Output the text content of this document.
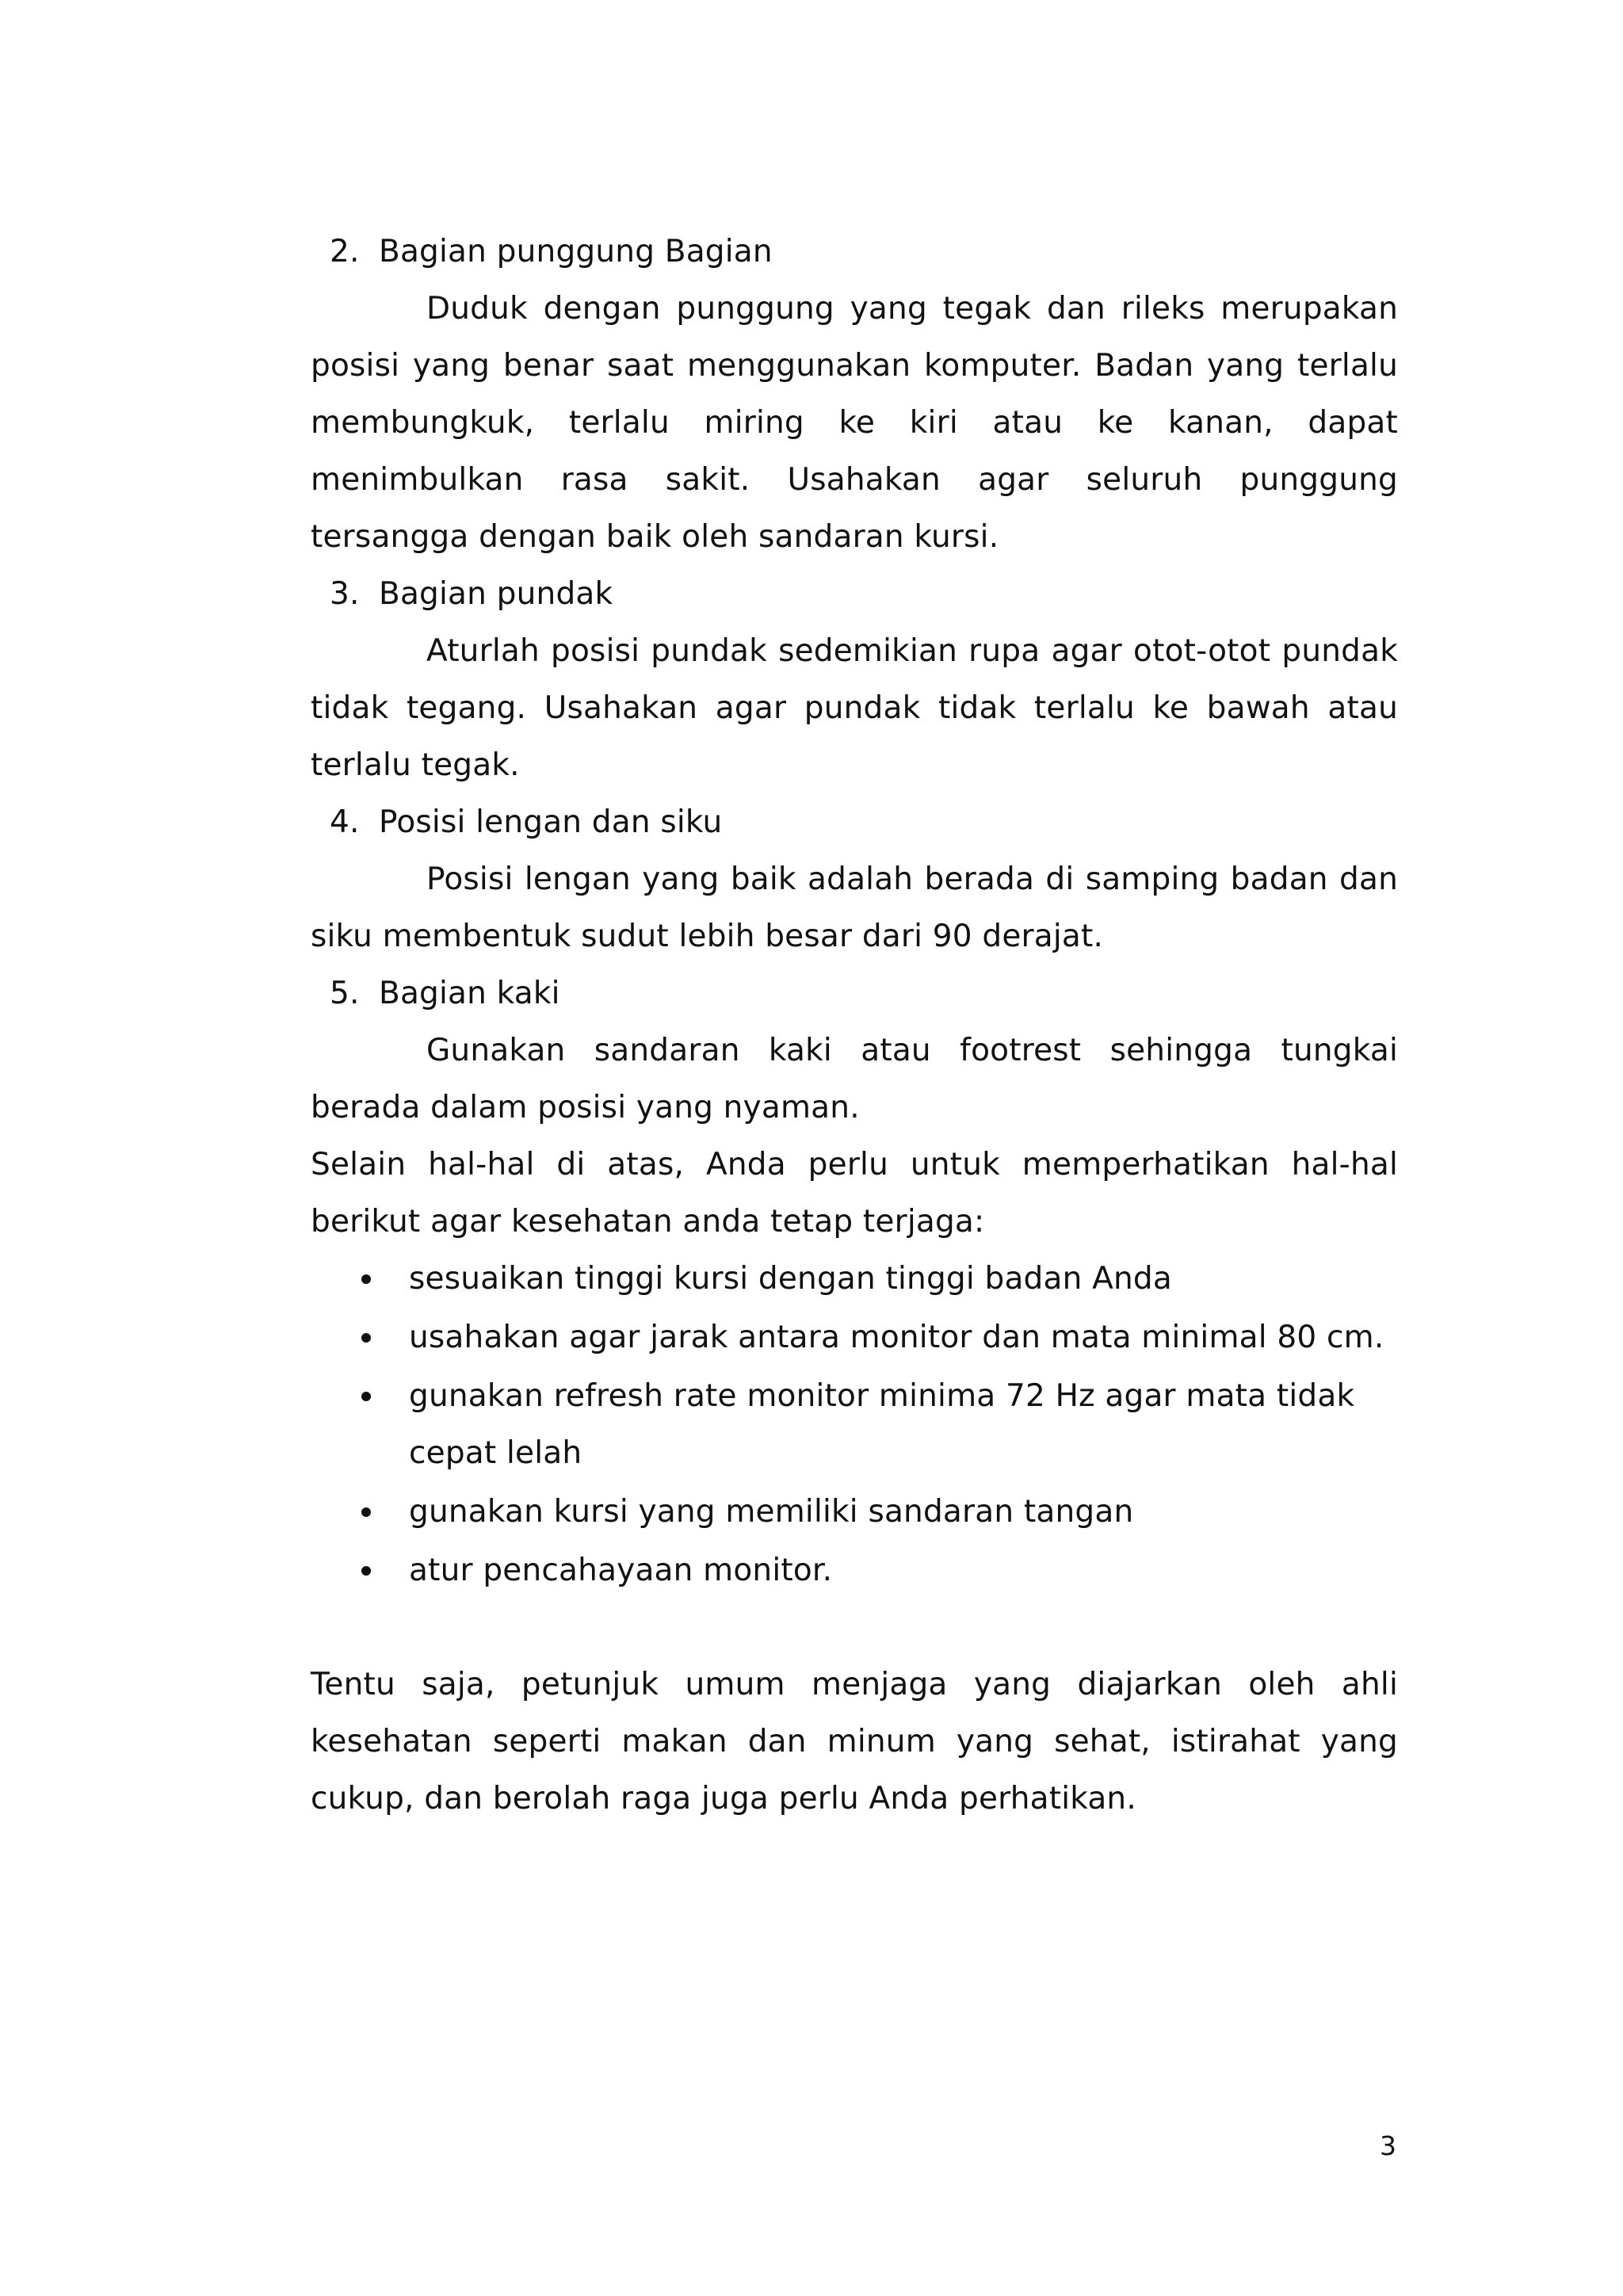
2. Bagian punggung Bagian

Duduk dengan punggung yang tegak dan rileks merupakan posisi yang benar saat menggunakan komputer. Badan yang terlalu membungkuk, terlalu miring ke kiri atau ke kanan, dapat menimbulkan rasa sakit. Usahakan agar seluruh punggung tersangga dengan baik oleh sandaran kursi.

3. Bagian pundak

Aturlah posisi pundak sedemikian rupa agar otot-otot pundak tidak tegang. Usahakan agar pundak tidak terlalu ke bawah atau terlalu tegak.

4. Posisi lengan dan siku

Posisi lengan yang baik adalah berada di samping badan dan siku membentuk sudut lebih besar dari 90 derajat.

5. Bagian kaki

Gunakan sandaran kaki atau footrest sehingga tungkai berada dalam posisi yang nyaman.

Selain hal-hal di atas, Anda perlu untuk memperhatikan hal-hal berikut agar kesehatan anda tetap terjaga:

sesuaikan tinggi kursi dengan tinggi badan Anda
usahakan agar jarak antara monitor dan mata minimal 80 cm.
gunakan refresh rate monitor minima 72 Hz agar mata tidak cepat lelah
gunakan kursi yang memiliki sandaran tangan
atur pencahayaan monitor.

Tentu saja, petunjuk umum menjaga yang diajarkan oleh ahli kesehatan seperti makan dan minum yang sehat, istirahat yang cukup, dan berolah raga juga perlu Anda perhatikan.

3
